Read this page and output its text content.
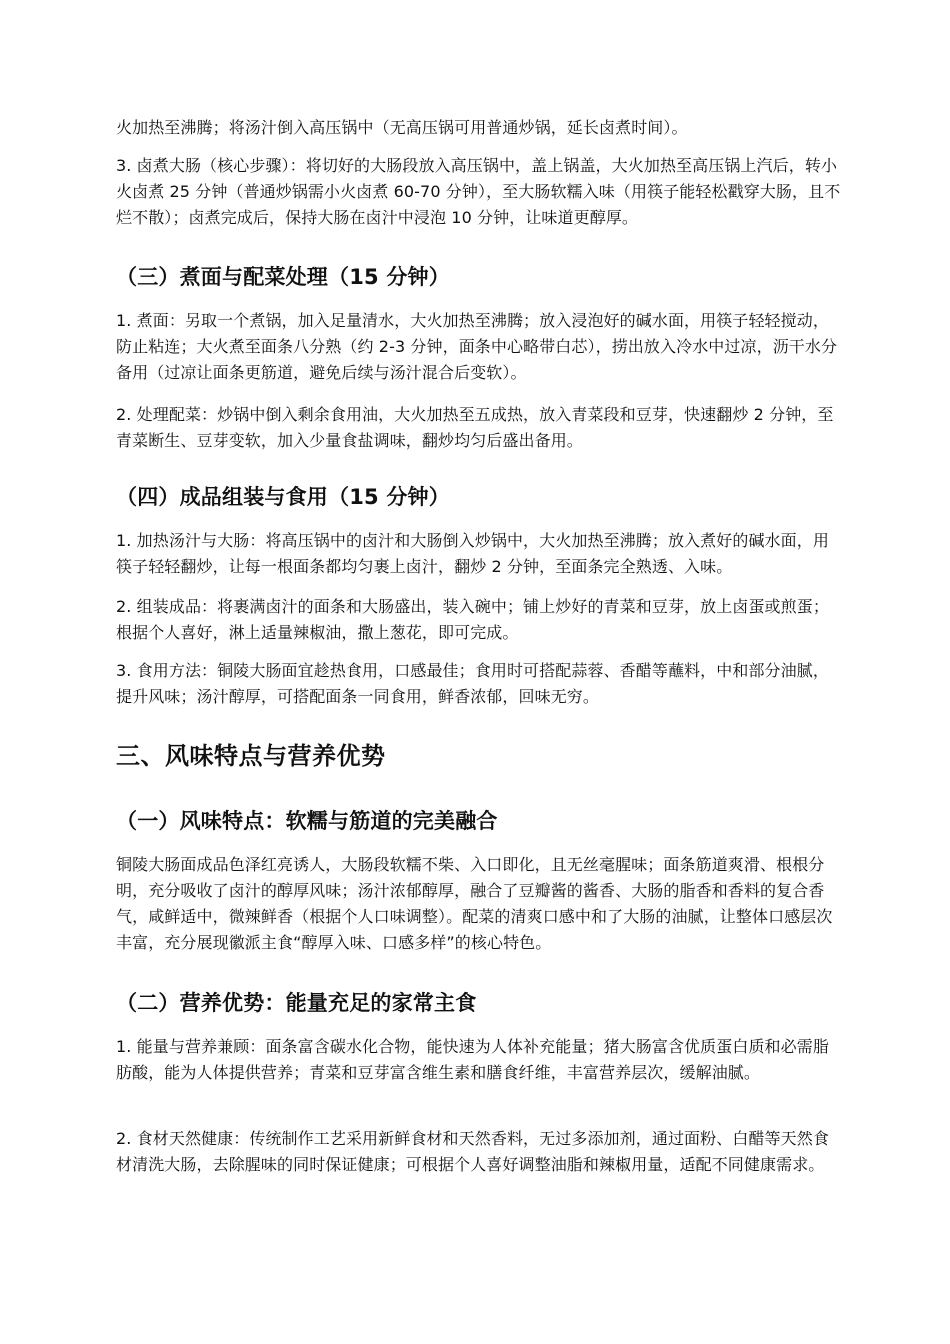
火加热至沸腾；将汤汁倒入高压锅中（无高压锅可用普通炒锅，延长卤煮时间）。

3. 卤煮大肠（核心步骤）：将切好的大肠段放入高压锅中，盖上锅盖，大火加热至高压锅上汽后，转小火卤煮 25 分钟（普通炒锅需小火卤煮 60-70 分钟），至大肠软糯入味（用筷子能轻松戳穿大肠，且不烂不散）；卤煮完成后，保持大肠在卤汁中浸泡 10 分钟，让味道更醇厚。

（三）煮面与配菜处理（15 分钟）

1. 煮面：另取一个煮锅，加入足量清水，大火加热至沸腾；放入浸泡好的碱水面，用筷子轻轻搅动，防止粘连；大火煮至面条八分熟（约 2-3 分钟，面条中心略带白芯），捞出放入冷水中过凉，沥干水分备用（过凉让面条更筋道，避免后续与汤汁混合后变软）。

2. 处理配菜：炒锅中倒入剩余食用油，大火加热至五成热，放入青菜段和豆芽，快速翻炒 2 分钟，至青菜断生、豆芽变软，加入少量食盐调味，翻炒均匀后盛出备用。

（四）成品组装与食用（15 分钟）

1. 加热汤汁与大肠：将高压锅中的卤汁和大肠倒入炒锅中，大火加热至沸腾；放入煮好的碱水面，用筷子轻轻翻炒，让每一根面条都均匀裹上卤汁，翻炒 2 分钟，至面条完全熟透、入味。

2. 组装成品：将裹满卤汁的面条和大肠盛出，装入碗中；铺上炒好的青菜和豆芽，放上卤蛋或煎蛋；根据个人喜好，淋上适量辣椒油，撒上葱花，即可完成。

3. 食用方法：铜陵大肠面宜趁热食用，口感最佳；食用时可搭配蒜蓉、香醋等蘸料，中和部分油腻，提升风味；汤汁醇厚，可搭配面条一同食用，鲜香浓郁，回味无穷。

三、风味特点与营养优势
（一）风味特点：软糯与筋道的完美融合

铜陵大肠面成品色泽红亮诱人，大肠段软糯不柴、入口即化，且无丝毫腥味；面条筋道爽滑、根根分明，充分吸收了卤汁的醇厚风味；汤汁浓郁醇厚，融合了豆瓣酱的酱香、大肠的脂香和香料的复合香气，咸鲜适中，微辣鲜香（根据个人口味调整）。配菜的清爽口感中和了大肠的油腻，让整体口感层次丰富，充分展现徽派主食“醇厚入味、口感多样”的核心特色。

（二）营养优势：能量充足的家常主食

1. 能量与营养兼顾：面条富含碳水化合物，能快速为人体补充能量；猪大肠富含优质蛋白质和必需脂肪酸，能为人体提供营养；青菜和豆芽富含维生素和膳食纤维，丰富营养层次，缓解油腻。

2. 食材天然健康：传统制作工艺采用新鲜食材和天然香料，无过多添加剂，通过面粉、白醋等天然食材清洗大肠，去除腥味的同时保证健康；可根据个人喜好调整油脂和辣椒用量，适配不同健康需求。
